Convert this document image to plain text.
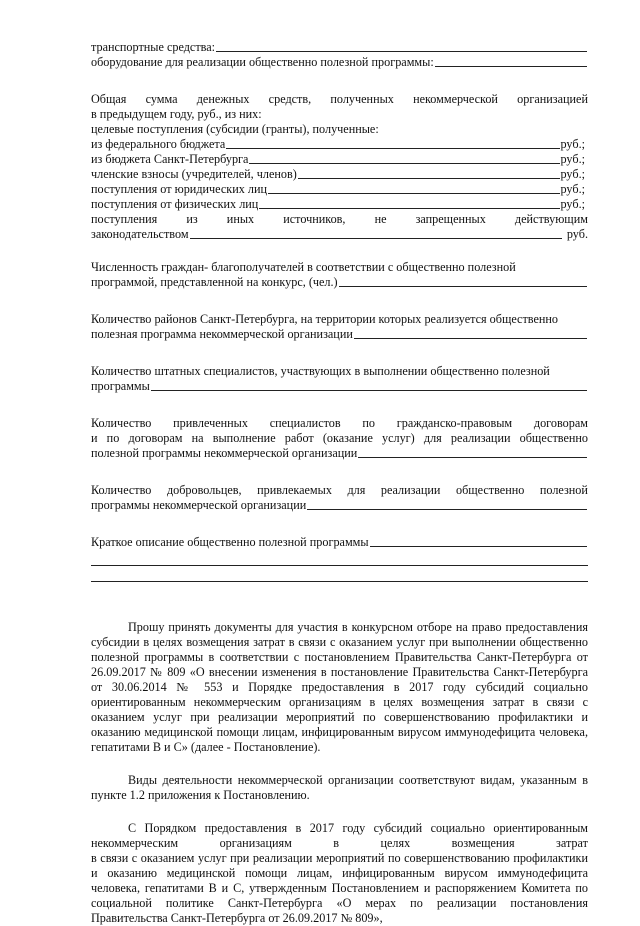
транспортные средства:
оборудование для реализации общественно полезной программы:
Общая сумма денежных средств, полученных некоммерческой организацией
в предыдущем году, руб., из них:
целевые поступления (субсидии (гранты), полученные:
из федерального бюджета	руб.;
из бюджета Санкт-Петербурга	руб.;
членские взносы (учредителей, членов)	руб.;
поступления от юридических лиц	руб.;
поступления от физических лиц	руб.;
поступления из иных источников, не запрещенных действующим
законодательством	руб.
Численность граждан- благополучателей в соответствии с общественно полезной
программой, представленной на конкурс, (чел.)
Количество районов Санкт-Петербурга, на территории которых реализуется общественно
полезная программа некоммерческой организации
Количество штатных специалистов, участвующих в выполнении общественно полезной
программы
Количество привлеченных специалистов по гражданско-правовым договорам
и по договорам на выполнение работ (оказание услуг) для реализации общественно
полезной программы некоммерческой организации
Количество добровольцев, привлекаемых для реализации общественно полезной
программы некоммерческой организации
Краткое описание общественно полезной программы
Прошу принять документы для участия в конкурсном отборе на право предоставления субсидии в целях возмещения затрат в связи с оказанием услуг при выполнении общественно полезной программы в соответствии с постановлением Правительства Санкт-Петербурга от 26.09.2017 № 809 «О внесении изменения в постановление Правительства Санкт-Петербурга от 30.06.2014 № 553 и Порядке предоставления в 2017 году субсидий социально ориентированным некоммерческим организациям в целях возмещения затрат в связи с оказанием услуг при реализации мероприятий по совершенствованию профилактики и оказанию медицинской помощи лицам, инфицированным вирусом иммунодефицита человека, гепатитами В и С» (далее - Постановление).
Виды деятельности некоммерческой организации соответствуют видам, указанным в пункте 1.2 приложения к Постановлению.
С Порядком предоставления в 2017 году субсидий социально ориентированным
некоммерческим	организациям	в	целях	возмещения	затрат
в связи с оказанием услуг при реализации мероприятий по совершенствованию профилактики и оказанию медицинской помощи лицам, инфицированным вирусом иммунодефицита человека, гепатитами В и С, утвержденным Постановлением и распоряжением Комитета по социальной политике Санкт-Петербурга «О мерах по реализации постановления Правительства Санкт-Петербурга от 26.09.2017 № 809»,
